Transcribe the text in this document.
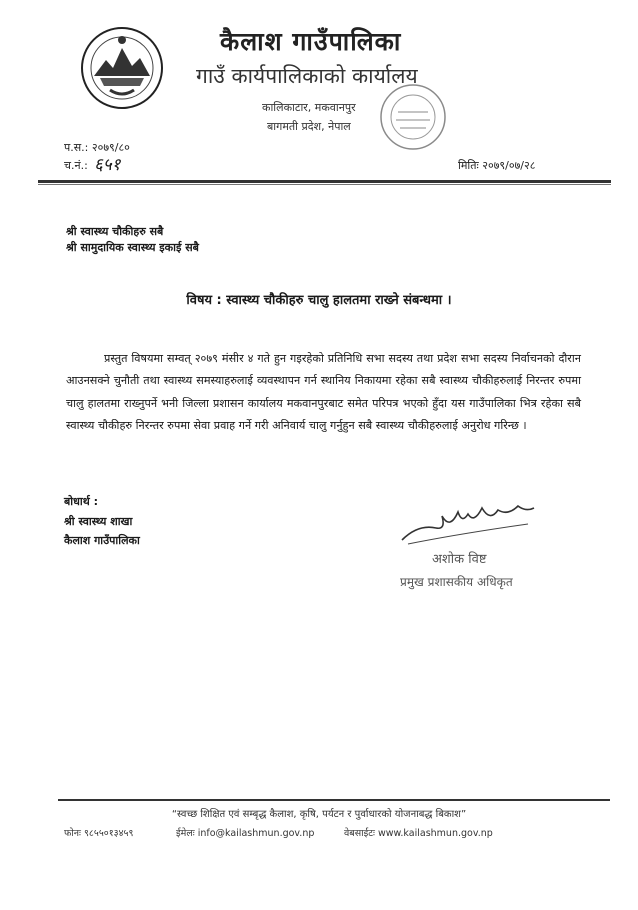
कैलाश गाउँपालिका
गाउँ कार्यपालिकाको कार्यालय
कालिकाटार, मकवानपुर
बागमती प्रदेश, नेपाल
प.स.: २०७९/८०
च.नं.: ६५१	मितिः २०७९/०७/२८
श्री स्वास्थ्य चौकीहरु सबै
श्री सामुदायिक स्वास्थ्य इकाई सबै
विषय : स्वास्थ्य चौकीहरु चालु हालतमा राख्ने संबन्धमा ।
प्रस्तुत विषयमा सम्वत् २०७९ मंसीर ४ गते हुन गइरहेको प्रतिनिधि सभा सदस्य तथा प्रदेश सभा सदस्य निर्वाचनको दौरान आउनसक्ने चुनौती तथा स्वास्थ्य समस्याहरुलाई व्यवस्थापन गर्न स्थानिय निकायमा रहेका सबै स्वास्थ्य चौकीहरुलाई निरन्तर रुपमा चालु हालतमा राख्नुपर्ने भनी जिल्ला प्रशासन कार्यालय मकवानपुरबाट समेत परिपत्र भएको हुँदा यस गाउँपालिका भित्र रहेका सबै स्वास्थ्य चौकीहरु निरन्तर रुपमा सेवा प्रवाह गर्ने गरी अनिवार्य चालु गर्नुहुन सबै स्वास्थ्य चौकीहरुलाई अनुरोध गरिन्छ ।
बोधार्थ :
श्री स्वास्थ्य शाखा
कैलाश गाउँपालिका
अशोक विष्ट
प्रमुख प्रशासकीय अधिकृत
“स्वच्छ शिक्षित एवं सम्बृद्ध कैलाश, कृषि, पर्यटन र पुर्वाधारको योजनाबद्ध बिकाश”
फोनः ९८५५०१३४५९	ईमेलः info@kailashmun.gov.np	वेबसाईटः www.kailashmun.gov.np
